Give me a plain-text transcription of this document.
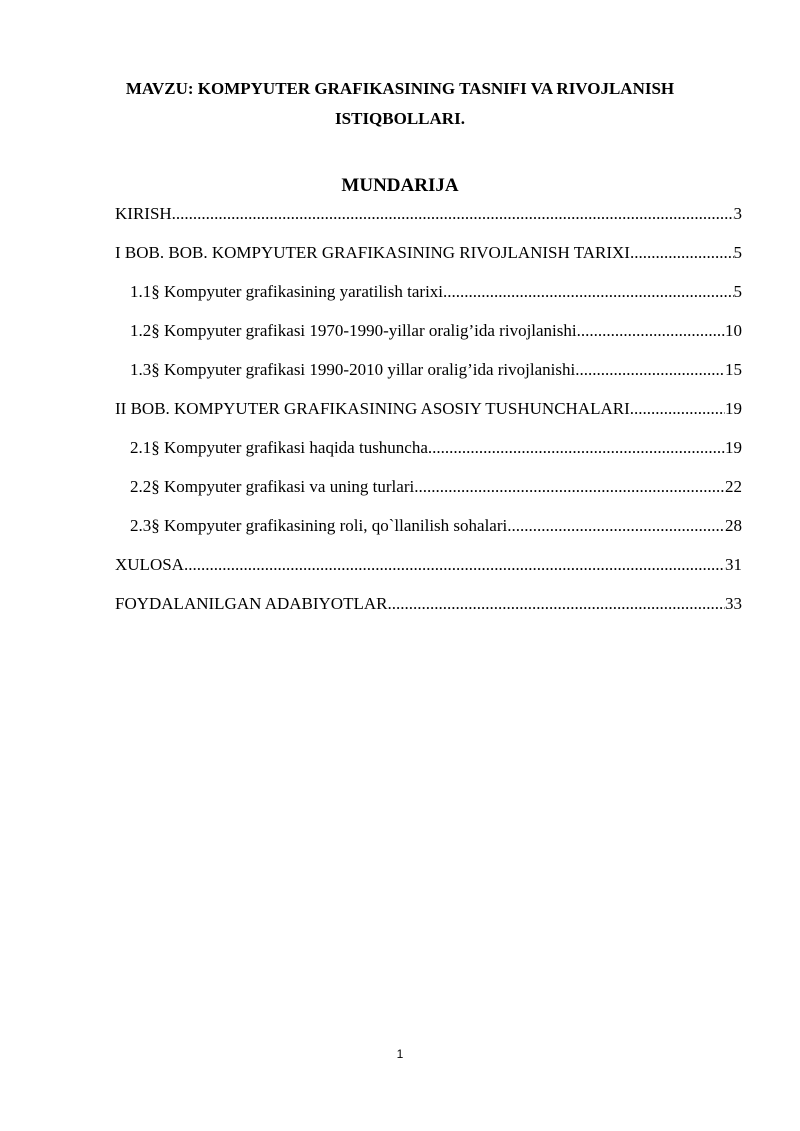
MAVZU: KOMPYUTER GRAFIKASINING TASNIFI VA RIVOJLANISH
ISTIQBOLLARI.
MUNDARIJA
KIRISH .....	3
I BOB. BOB. KOMPYUTER GRAFIKASINING RIVOJLANISH TARIXI .....	5
1.1§ Kompyuter grafikasining yaratilish tarixi .....	5
1.2§ Kompyuter grafikasi 1970-1990-yillar oralig’ida rivojlanishi .....	10
1.3§ Kompyuter grafikasi 1990-2010 yillar oralig’ida rivojlanishi .....	15
II BOB. KOMPYUTER GRAFIKASINING ASOSIY TUSHUNCHALARI .....	19
2.1§ Kompyuter grafikasi haqida tushuncha .....	19
2.2§ Kompyuter grafikasi va uning turlari .....	22
2.3§ Kompyuter grafikasining roli, qo`llanilish sohalari .....	28
XULOSA .....	31
FOYDALANILGAN ADABIYOTLAR .....	33
1
